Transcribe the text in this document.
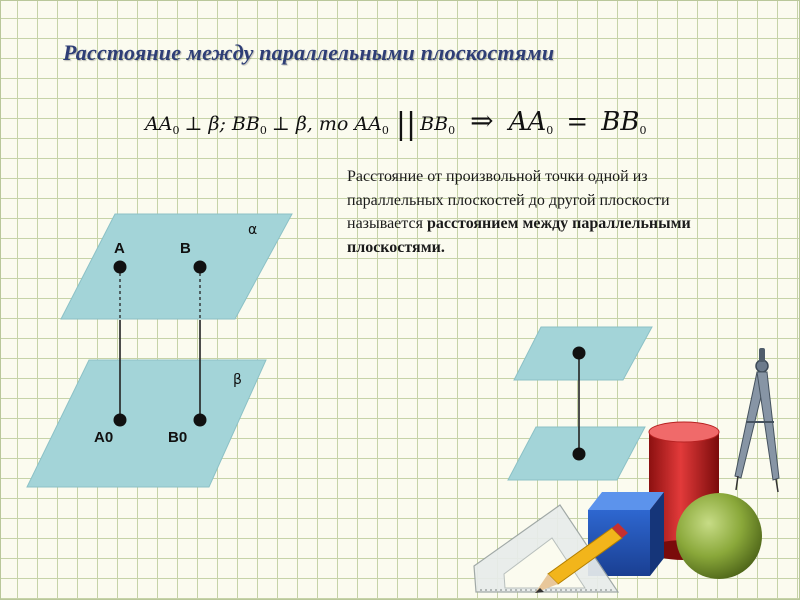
Расстояние между параллельными плоскостями
$AA_0$ ⊥ β; $BB_0$ ⊥ β, mo $AA_0$ || $BB_0$ ⇒ $AA_0 = BB_0$
Расстояние от произвольной точки одной из параллельных плоскостей до другой плоскости называется расстоянием между параллельными плоскостями.
A	B
A0	B0
α
β
